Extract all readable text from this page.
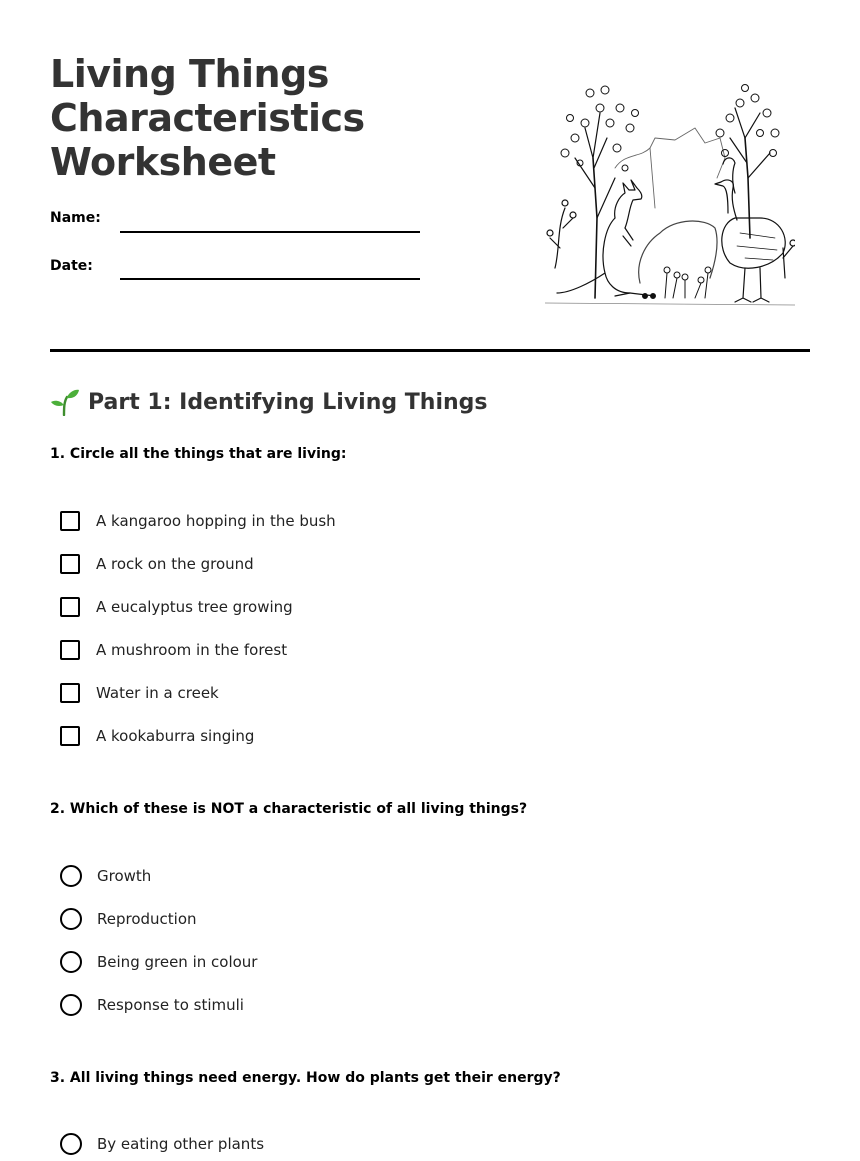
Living Things
Characteristics
Worksheet
Name:
Date:
Part 1: Identifying Living Things
1. Circle all the things that are living:
A kangaroo hopping in the bush
A rock on the ground
A eucalyptus tree growing
A mushroom in the forest
Water in a creek
A kookaburra singing
2. Which of these is NOT a characteristic of all living things?
Growth
Reproduction
Being green in colour
Response to stimuli
3. All living things need energy. How do plants get their energy?
By eating other plants
